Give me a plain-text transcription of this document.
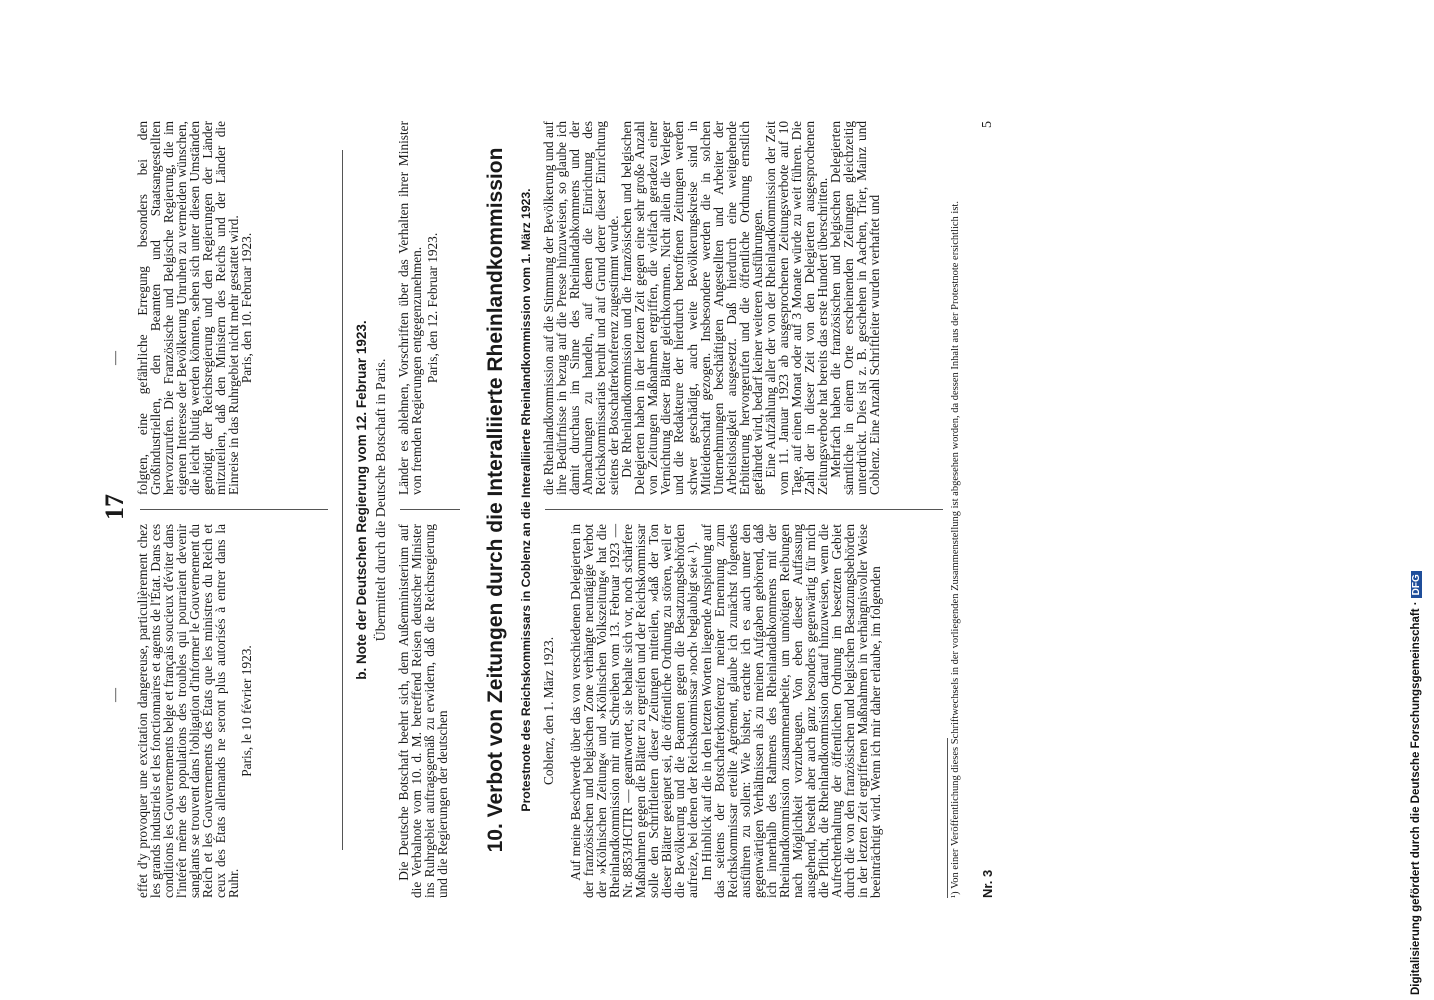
—
17
—

effet d'y provoquer une excitation dangereuse, particulièrement chez les grands industriels et les fonctionnaires et agents de l'État. Dans ces conditions les Gouvernements belge et français soucieux d'éviter dans l'intérêt même des populations des troubles qui pourraient devenir sanglants se trouvent dans l'obligation d'informer le Gouvernement du Reich et les Gouvernements des États que les ministres du Reich et ceux des États allemands ne seront plus autorisés à entrer dans la Ruhr.

Paris, le 10 février 1923.

folgten, eine gefährliche Erregung besonders bei den Großindustriellen, den Beamten und Staatsangestellten hervorzurufen. Die Französische und Belgische Regierung, die im eigenen Interesse der Bevölkerung Unruhen zu vermeiden wünschen, die leicht blutig werden könnten, sehen sich unter diesen Umständen genötigt, der Reichsregierung und den Regierungen der Länder mitzuteilen, daß den Ministern des Reichs und der Länder die Einreise in das Ruhrgebiet nicht mehr gestattet wird.

Paris, den 10. Februar 1923.

b. Note der Deutschen Regierung vom 12. Februar 1923. Übermittelt durch die Deutsche Botschaft in Paris.

Die Deutsche Botschaft beehrt sich, dem Außenministerium auf die Verbalnote vom 10. d. M. betreffend Reisen deutscher Minister ins Ruhrgebiet auftragsgemäß zu erwidern, daß die Reichsregierung und die Regierungen der deutschen

Länder es ablehnen, Vorschriften über das Verhalten ihrer Minister von fremden Regierungen entgegenzunehmen. Paris, den 12. Februar 1923. 10. Verbot von Zeitungen durch die Interalliierte Rheinlandkommission Protestnote des Reichskommissars in Coblenz an die Interalliierte Rheinlandkommission vom 1. März 1923. Coblenz, den 1. März 1923. Auf meine Beschwerde über das von verschiedenen Delegierten in der französischen und belgischen Zone verhängte neuntägige Verbot der »Kölnischen Zeitung« und »Kölnischen Volkszeitung« hat die Rheinlandkommission mir mit Schreiben vom 13. Februar 1923 — Nr. 8853/HCITR — geantwortet, sie behalte sich vor, noch schärfere Maßnahmen gegen die Blätter zu ergreifen und der Reichskommissar solle den Schriftleitern dieser Zeitungen mitteilen, »daß der Ton dieser Blätter geeignet sei, die öffentliche Ordnung zu stören, weil er die Bevölkerung und die Beamten gegen die Besatzungsbehörden aufreize, bei denen der Reichskommissar ›noch‹ beglaubigt sei« ¹).

Im Hinblick auf die in den letzten Worten liegende Anspielung auf das seitens der Botschafterkonferenz meiner Ernennung zum Reichskommissar erteilte Agrément, glaube ich zunächst folgendes ausführen zu sollen: Wie bisher, erachte ich es auch unter den gegenwärtigen Verhältnissen als zu meinen Aufgaben gehörend, daß ich innerhalb des Rahmens des Rheinlandabkommens mit der Rheinlandkommission zusammenarbeite, um unnötigen Reibungen nach Möglichkeit vorzubeugen. Von eben dieser Auffassung ausgehend, besteht aber auch ganz besonders gegenwärtig für mich die Pflicht, die Rheinlandkommission darauf hinzuweisen, wenn die Aufrechterhaltung der öffentlichen Ordnung im besetzten Gebiet durch die von den französischen und belgischen Besatzungsbehörden in der letzten Zeit ergriffenen Maßnahmen in verhängnisvoller Weise beeinträchtigt wird. Wenn ich mir daher erlaube, im folgenden

die Rheinlandkommission auf die Stimmung der Bevölkerung und auf ihre Bedürfnisse in bezug auf die Presse hinzuweisen, so glaube ich damit durchaus im Sinne des Rheinlandabkommens und der Abmachungen zu handeln, auf denen die Einrichtung des Reichskommissariats beruht und auf Grund derer dieser Einrichtung seitens der Botschafterkonferenz zugestimmt wurde.

Die Rheinlandkommission und die französischen und belgischen Delegierten haben in der letzten Zeit gegen eine sehr große Anzahl von Zeitungen Maßnahmen ergriffen, die vielfach geradezu einer Vernichtung dieser Blätter gleichkommen. Nicht allein die Verleger und die Redakteure der hierdurch betroffenen Zeitungen werden schwer geschädigt, auch weite Bevölkerungskreise sind in Mitleidenschaft gezogen. Insbesondere werden die in solchen Unternehmungen beschäftigten Angestellten und Arbeiter der Arbeitslosigkeit ausgesetzt. Daß hierdurch eine weitgehende Erbitterung hervorgerufen und die öffentliche Ordnung ernstlich gefährdet wird, bedarf keiner weiteren Ausführungen.

Eine Aufzählung aller der von der Rheinlandkommission der Zeit vom 11. Januar 1923 ab ausgesprochenen Zeitungsverbote auf 10 Tage, auf einen Monat oder auf 3 Monate würde zu weit führen. Die Zahl der in dieser Zeit von den Delegierten ausgesprochenen Zeitungsverbote hat bereits das erste Hundert überschritten.

Mehrfach haben die französischen und belgischen Delegierten sämtliche in einem Orte erscheinenden Zeitungen gleichzeitig unterdrückt. Dies ist z. B. geschehen in Aachen, Trier, Mainz und Coblenz. Eine Anzahl Schriftleiter wurden verhaftet und	¹) Von einer Veröffentlichung dieses Schriftwechsels in der vorliegenden Zusammenstellung ist abgesehen worden, da dessen Inhalt aus der Protestnote ersichtlich ist. Nr. 3
5
Digitalisierung gefördert durch die Deutsche Forschungsgemeinschaft ·DFG
